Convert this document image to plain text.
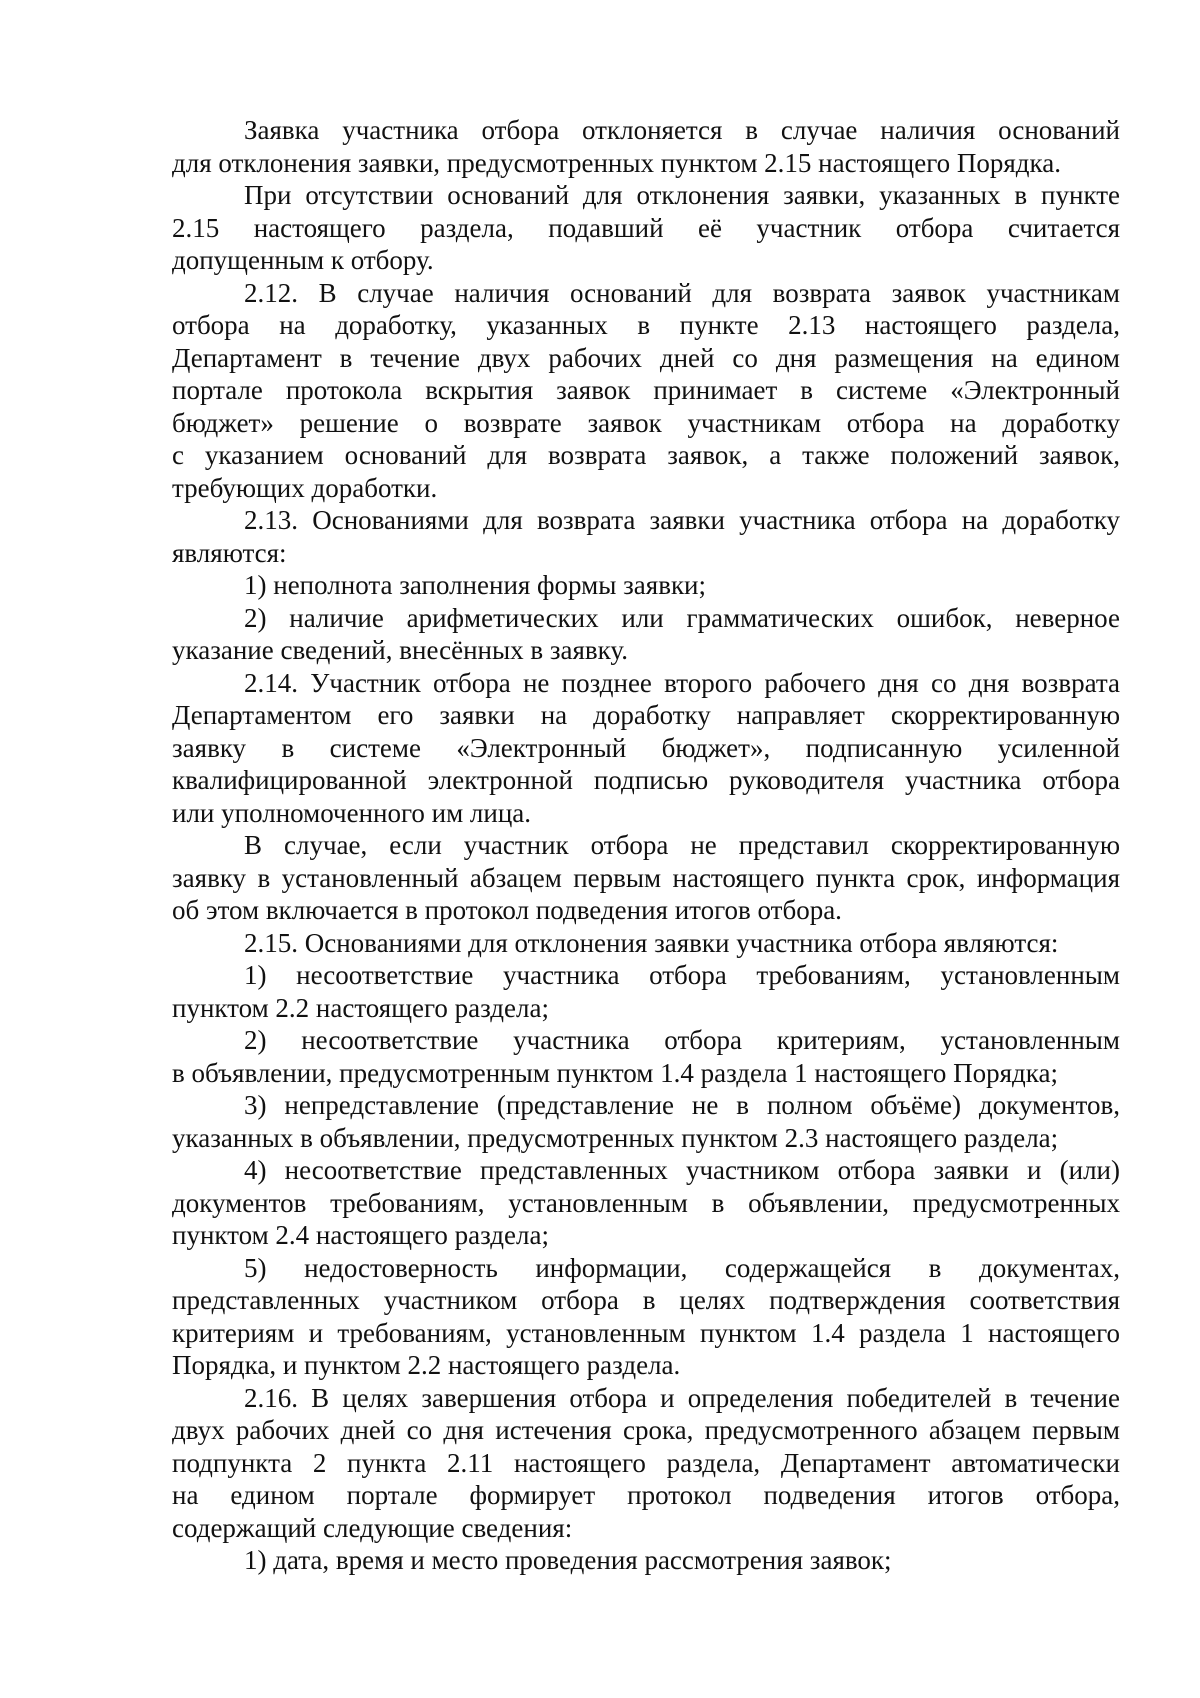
Заявка участника отбора отклоняется в случае наличия оснований
для отклонения заявки, предусмотренных пунктом 2.15 настоящего Порядка.
При отсутствии оснований для отклонения заявки, указанных в пункте
2.15 настоящего раздела, подавший её участник отбора считается
допущенным к отбору.
2.12. В случае наличия оснований для возврата заявок участникам
отбора на доработку, указанных в пункте 2.13 настоящего раздела,
Департамент в течение двух рабочих дней со дня размещения на едином
портале протокола вскрытия заявок принимает в системе «Электронный
бюджет» решение о возврате заявок участникам отбора на доработку
с указанием оснований для возврата заявок, а также положений заявок,
требующих доработки.
2.13. Основаниями для возврата заявки участника отбора на доработку
являются:
1) неполнота заполнения формы заявки;
2) наличие арифметических или грамматических ошибок, неверное
указание сведений, внесённых в заявку.
2.14. Участник отбора не позднее второго рабочего дня со дня возврата
Департаментом его заявки на доработку направляет скорректированную
заявку в системе «Электронный бюджет», подписанную усиленной
квалифицированной электронной подписью руководителя участника отбора
или уполномоченного им лица.
В случае, если участник отбора не представил скорректированную
заявку в установленный абзацем первым настоящего пункта срок, информация
об этом включается в протокол подведения итогов отбора.
2.15. Основаниями для отклонения заявки участника отбора являются:
1) несоответствие участника отбора требованиям, установленным
пунктом 2.2 настоящего раздела;
2) несоответствие участника отбора критериям, установленным
в объявлении, предусмотренным пунктом 1.4 раздела 1 настоящего Порядка;
3) непредставление (представление не в полном объёме) документов,
указанных в объявлении, предусмотренных пунктом 2.3 настоящего раздела;
4) несоответствие представленных участником отбора заявки и (или)
документов требованиям, установленным в объявлении, предусмотренных
пунктом 2.4 настоящего раздела;
5) недостоверность информации, содержащейся в документах,
представленных участником отбора в целях подтверждения соответствия
критериям и требованиям, установленным пунктом 1.4 раздела 1 настоящего
Порядка, и пунктом 2.2 настоящего раздела.
2.16. В целях завершения отбора и определения победителей в течение
двух рабочих дней со дня истечения срока, предусмотренного абзацем первым
подпункта 2 пункта 2.11 настоящего раздела, Департамент автоматически
на едином портале формирует протокол подведения итогов отбора,
содержащий следующие сведения:
1) дата, время и место проведения рассмотрения заявок;
